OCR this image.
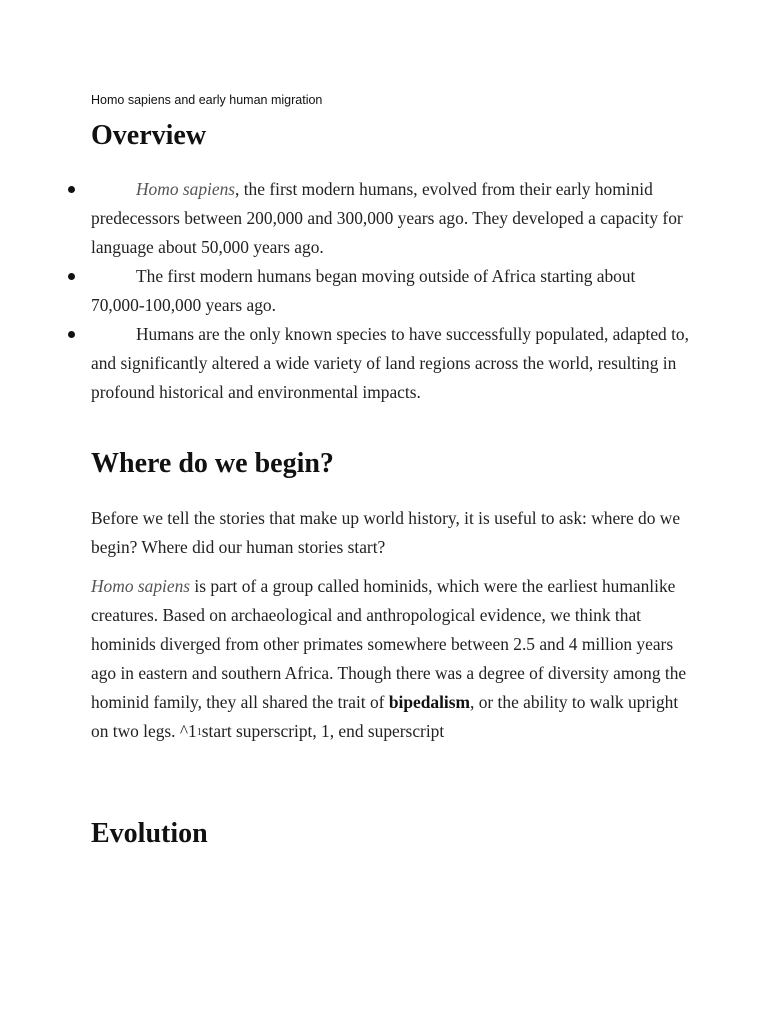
Homo sapiens and early human migration
Overview
Homo sapiens, the first modern humans, evolved from their early hominid predecessors between 200,000 and 300,000 years ago. They developed a capacity for language about 50,000 years ago.
The first modern humans began moving outside of Africa starting about 70,000-100,000 years ago.
Humans are the only known species to have successfully populated, adapted to, and significantly altered a wide variety of land regions across the world, resulting in profound historical and environmental impacts.
Where do we begin?

Before we tell the stories that make up world history, it is useful to ask: where do we begin? Where did our human stories start?

Homo sapiens is part of a group called hominids, which were the earliest humanlike creatures. Based on archaeological and anthropological evidence, we think that hominids diverged from other primates somewhere between 2.5 and 4 million years ago in eastern and southern Africa. Though there was a degree of diversity among the hominid family, they all shared the trait of bipedalism, or the ability to walk upright on two legs. $\^{}1^1start$ superscript, 1, end superscript

Evolution
